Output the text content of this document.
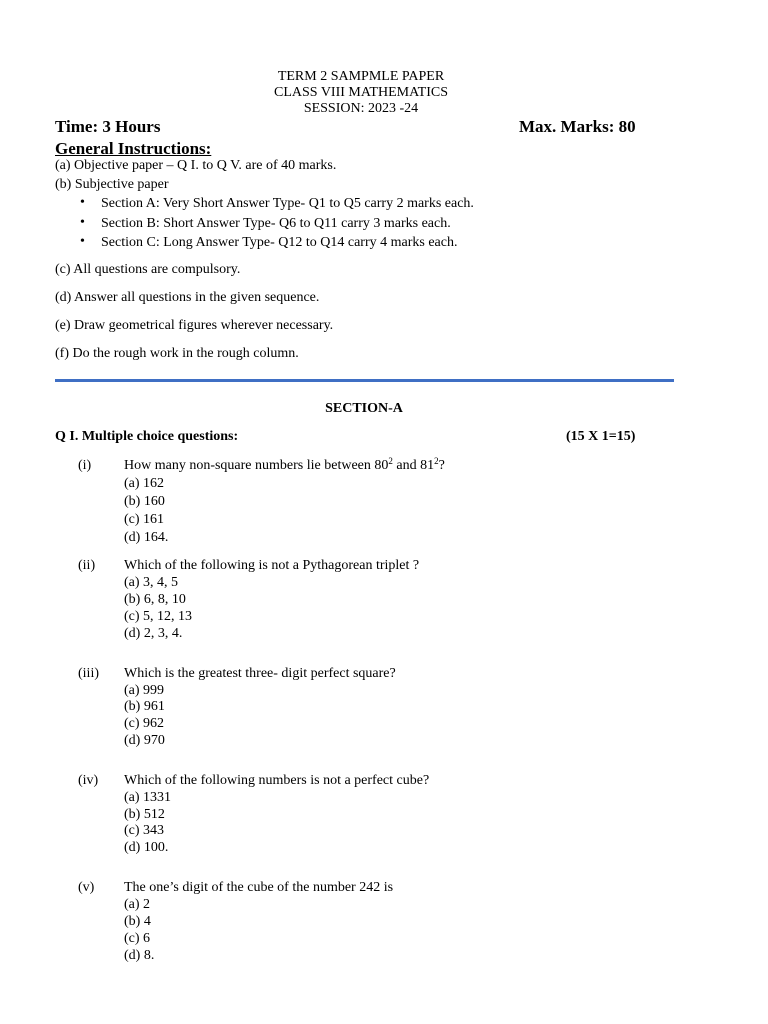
TERM 2 SAMPMLE PAPER
CLASS VIII MATHEMATICS
SESSION: 2023 -24
Time: 3 Hours	Max. Marks: 80
General Instructions:
(a) Objective paper – Q I. to Q V. are of 40 marks.
(b) Subjective paper
• Section A: Very Short Answer Type- Q1 to Q5 carry 2 marks each.
• Section B: Short Answer Type- Q6 to Q11 carry 3 marks each.
• Section C: Long Answer Type- Q12 to Q14 carry 4 marks each.
(c) All questions are compulsory.
(d) Answer all questions in the given sequence.
(e) Draw geometrical figures wherever necessary.
(f) Do the rough work in the rough column.
SECTION-A
Q I. Multiple choice questions:	(15 X 1=15)
(i) How many non-square numbers lie between $80^2$ and $81^2$?
(a) 162
(b) 160
(c) 161
(d) 164.
(ii) Which of the following is not a Pythagorean triplet ?
(a) 3, 4, 5
(b) 6, 8, 10
(c) 5, 12, 13
(d) 2, 3, 4.
(iii) Which is the greatest three- digit perfect square?
(a) 999
(b) 961
(c) 962
(d) 970
(iv) Which of the following numbers is not a perfect cube?
(a) 1331
(b) 512
(c) 343
(d) 100.
(v) The one’s digit of the cube of the number 242 is
(a) 2
(b) 4
(c) 6
(d) 8.
